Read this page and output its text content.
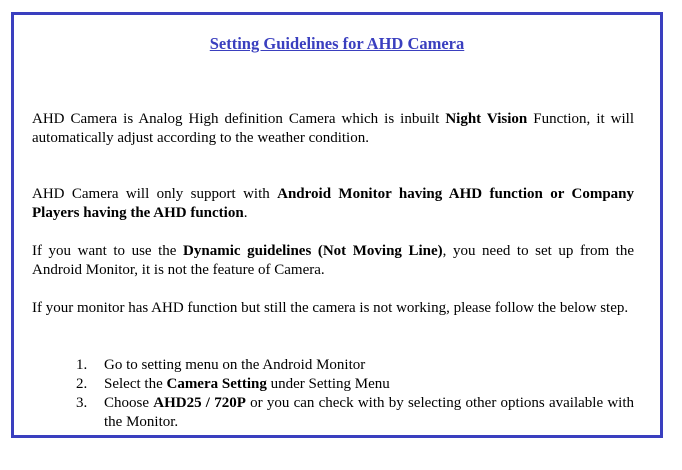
Setting Guidelines for AHD Camera
AHD Camera is Analog High definition Camera which is inbuilt Night Vision Function, it will automatically adjust according to the weather condition.
AHD Camera will only support with Android Monitor having AHD function or Company Players having the AHD function.
If you want to use the Dynamic guidelines (Not Moving Line), you need to set up from the Android Monitor, it is not the feature of Camera.
If your monitor has AHD function but still the camera is not working, please follow the below step.
1.	Go to setting menu on the Android Monitor
2.	Select the Camera Setting under Setting Menu
3.	Choose AHD25 / 720P or you can check with by selecting other options available with the Monitor.
